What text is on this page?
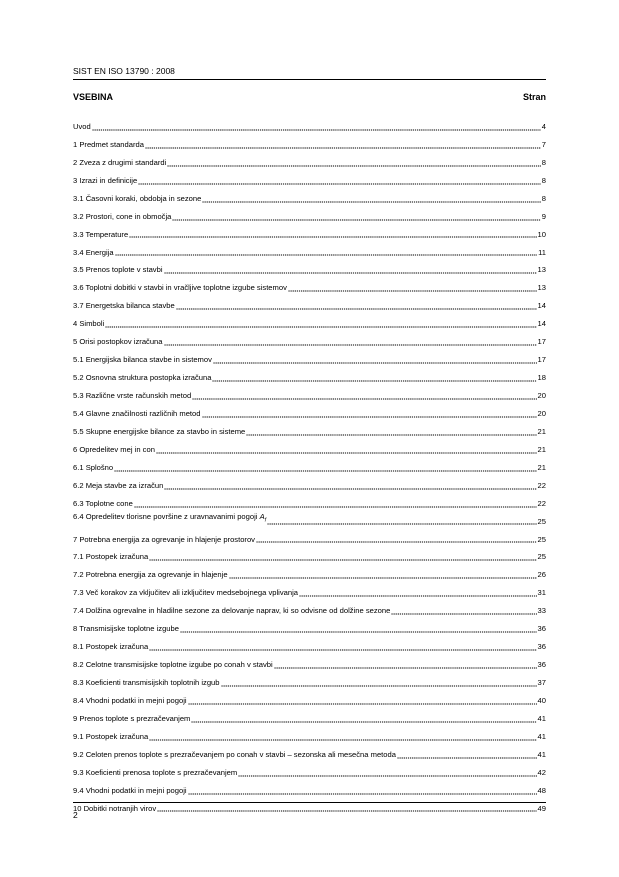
SIST EN ISO 13790 : 2008
VSEBINA	Stran
Uvod	4
1 Predmet standarda	7
2 Zveza z drugimi standardi	8
3 Izrazi in definicije	8
3.1 Časovni koraki, obdobja in sezone	8
3.2 Prostori, cone in območja	9
3.3 Temperature	10
3.4 Energija	11
3.5 Prenos toplote v stavbi	13
3.6 Toplotni dobitki v stavbi in vračljive toplotne izgube sistemov	13
3.7 Energetska bilanca stavbe	14
4 Simboli	14
5 Orisi postopkov izračuna	17
5.1 Energijska bilanca stavbe in sistemov	17
5.2 Osnovna struktura postopka izračuna	18
5.3 Različne vrste računskih metod	20
5.4 Glavne značilnosti različnih metod	20
5.5 Skupne energijske bilance za stavbo in sisteme	21
6 Opredelitev mej in con	21
6.1 Splošno	21
6.2 Meja stavbe za izračun	22
6.3 Toplotne cone	22
6.4 Opredelitev tlorisne površine z uravnavanimi pogoji $A_f$	25
7 Potrebna energija za ogrevanje in hlajenje prostorov	25
7.1 Postopek izračuna	25
7.2 Potrebna energija za ogrevanje in hlajenje	26
7.3 Več korakov za vključitev ali izključitev medsebojnega vplivanja	31
7.4 Dolžina ogrevalne in hladilne sezone za delovanje naprav, ki so odvisne od dolžine sezone	33
8 Transmisijske toplotne izgube	36
8.1 Postopek izračuna	36
8.2 Celotne transmisijske toplotne izgube po conah v stavbi	36
8.3 Koeficienti transmisijskih toplotnih izgub	37
8.4 Vhodni podatki in mejni pogoji	40
9 Prenos toplote s prezračevanjem	41
9.1 Postopek izračuna	41
9.2 Celoten prenos toplote s prezračevanjem po conah v stavbi – sezonska ali mesečna metoda	41
9.3 Koeficienti prenosa toplote s prezračevanjem	42
9.4 Vhodni podatki in mejni pogoji	48
10 Dobitki notranjih virov	49
2
